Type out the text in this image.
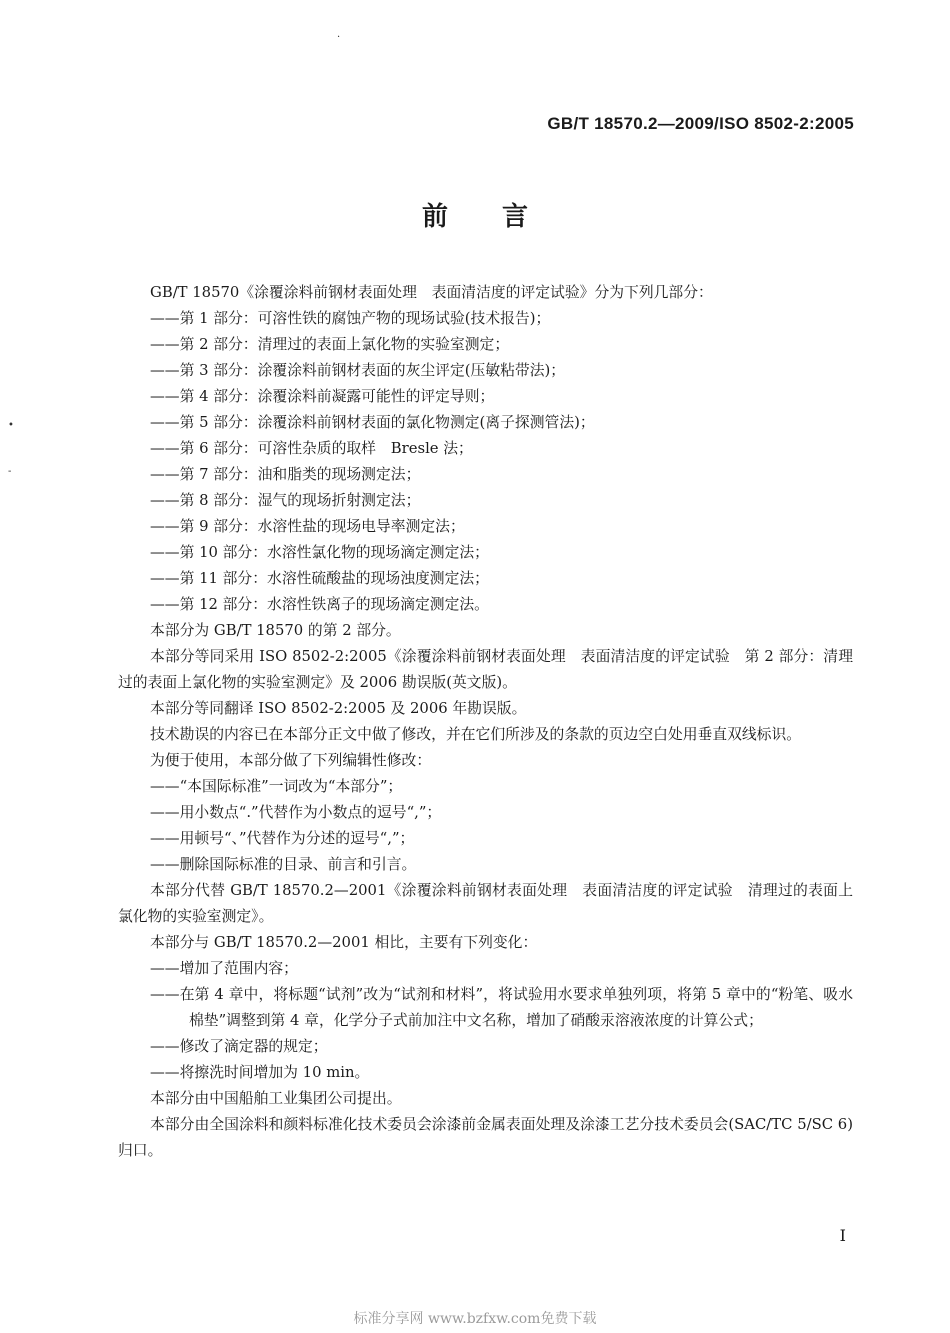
·
•
-
GB/T 18570.2—2009/ISO 8502-2:2005
前言

GB/T 18570《涂覆涂料前钢材表面处理　表面清洁度的评定试验》分为下列几部分：

——第 1 部分：可溶性铁的腐蚀产物的现场试验(技术报告)；

——第 2 部分：清理过的表面上氯化物的实验室测定；

——第 3 部分：涂覆涂料前钢材表面的灰尘评定(压敏粘带法)；

——第 4 部分：涂覆涂料前凝露可能性的评定导则；

——第 5 部分：涂覆涂料前钢材表面的氯化物测定(离子探测管法)；

——第 6 部分：可溶性杂质的取样　Bresle 法；

——第 7 部分：油和脂类的现场测定法；

——第 8 部分：湿气的现场折射测定法；

——第 9 部分：水溶性盐的现场电导率测定法；

——第 10 部分：水溶性氯化物的现场滴定测定法；

——第 11 部分：水溶性硫酸盐的现场浊度测定法；

——第 12 部分：水溶性铁离子的现场滴定测定法。

本部分为 GB/T 18570 的第 2 部分。

本部分等同采用 ISO 8502-2:2005《涂覆涂料前钢材表面处理　表面清洁度的评定试验　第 2 部分：清理过的表面上氯化物的实验室测定》及 2006 勘误版(英文版)。

本部分等同翻译 ISO 8502-2:2005 及 2006 年勘误版。

技术勘误的内容已在本部分正文中做了修改，并在它们所涉及的条款的页边空白处用垂直双线标识。

为便于使用，本部分做了下列编辑性修改：

——“本国际标准”一词改为“本部分”；

——用小数点“.”代替作为小数点的逗号“,”；

——用顿号“、”代替作为分述的逗号“,”；

——删除国际标准的目录、前言和引言。

本部分代替 GB/T 18570.2—2001《涂覆涂料前钢材表面处理　表面清洁度的评定试验　清理过的表面上氯化物的实验室测定》。

本部分与 GB/T 18570.2—2001 相比，主要有下列变化：

——增加了范围内容；

——在第 4 章中，将标题“试剂”改为“试剂和材料”，将试验用水要求单独列项，将第 5 章中的“粉笔、吸水棉垫”调整到第 4 章，化学分子式前加注中文名称，增加了硝酸汞溶液浓度的计算公式；

——修改了滴定器的规定；

——将擦洗时间增加为 10 min。

本部分由中国船舶工业集团公司提出。

本部分由全国涂料和颜料标准化技术委员会涂漆前金属表面处理及涂漆工艺分技术委员会(SAC/TC 5/SC 6)归口。

I
标准分享网 www.bzfxw.com免费下载
